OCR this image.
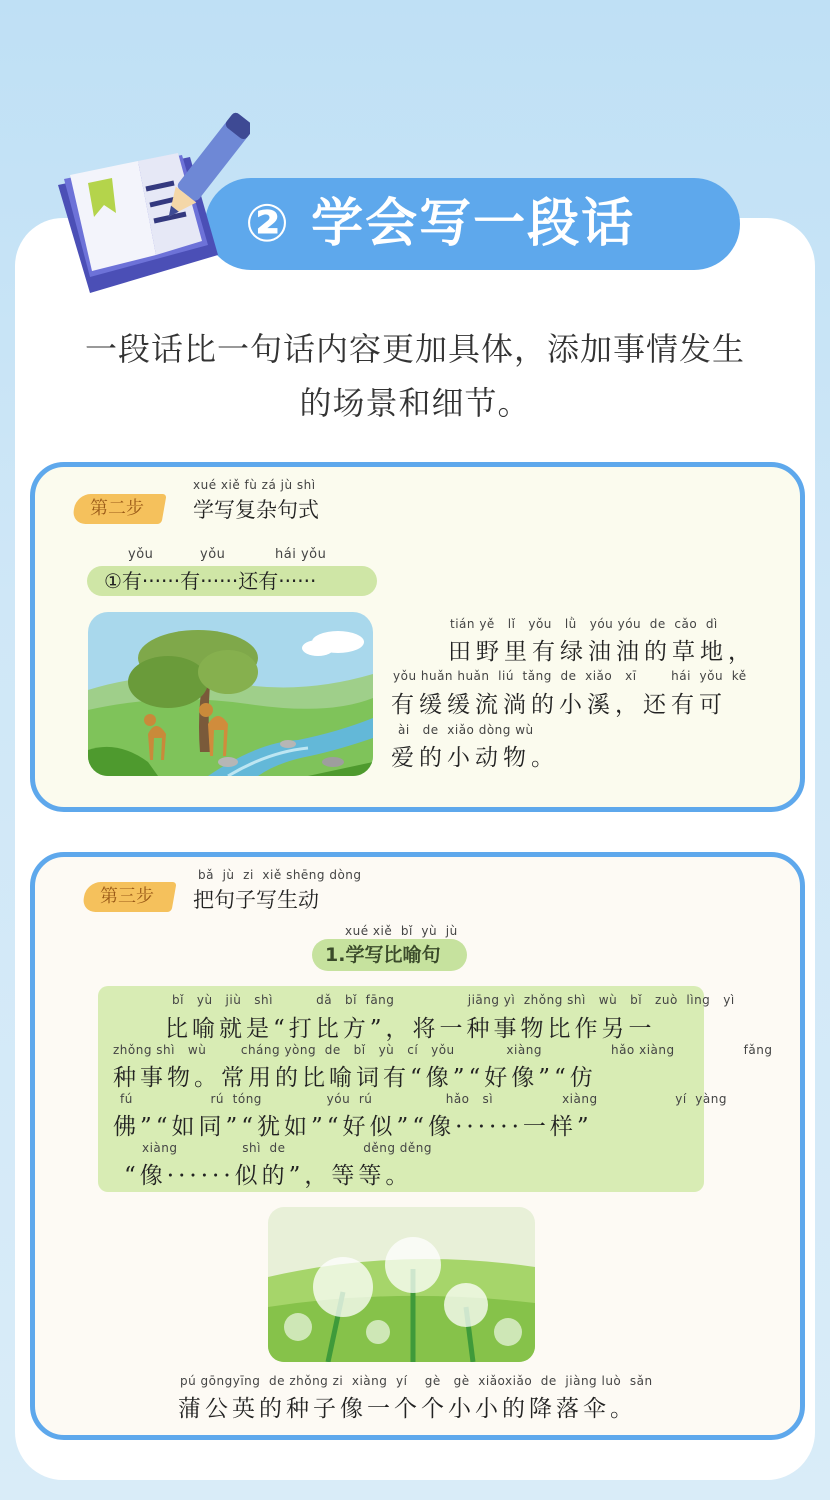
② 学会写一段话
一段话比一句话内容更加具体，添加事情发生
的场景和细节。
第二步
xué xiě fù zá jù shì
学写复杂句式
yǒu	yǒu	hái yǒu
①有······有······还有······
tián yě   lǐ   yǒu   lǜ   yóu yóu  de  cǎo  dì
田野里有绿油油的草地，
yǒu huǎn huǎn  liú  tǎng  de  xiǎo   xī        hái  yǒu  kě
有缓缓流淌的小溪，还有可
ài   de  xiǎo dòng wù
爱的小动物。
第三步
bǎ  jù  zi  xiě shēng dòng
把句子写生动
xué xiě  bǐ  yù  jù
1.学写比喻句
bǐ   yù   jiù   shì          dǎ   bǐ  fāng                 jiāng yì  zhǒng shì   wù   bǐ   zuò  lìng   yì
比喻就是“打比方”，将一种事物比作另一
zhǒng shì   wù        cháng yòng  de   bǐ   yù   cí   yǒu            xiàng                hǎo xiàng                fǎng
种事物。常用的比喻词有“像”“好像”“仿
fú                  rú  tóng               yóu  rú                 hǎo   sì                xiàng                  yí  yàng
佛”“如同”“犹如”“好似”“像······一样”
xiàng               shì  de                  děng děng
“像······似的”，等等。
pú gōngyīng  de zhǒng zi  xiàng  yí    gè   gè  xiǎoxiǎo  de  jiàng luò  sǎn
蒲公英的种子像一个个小小的降落伞。
